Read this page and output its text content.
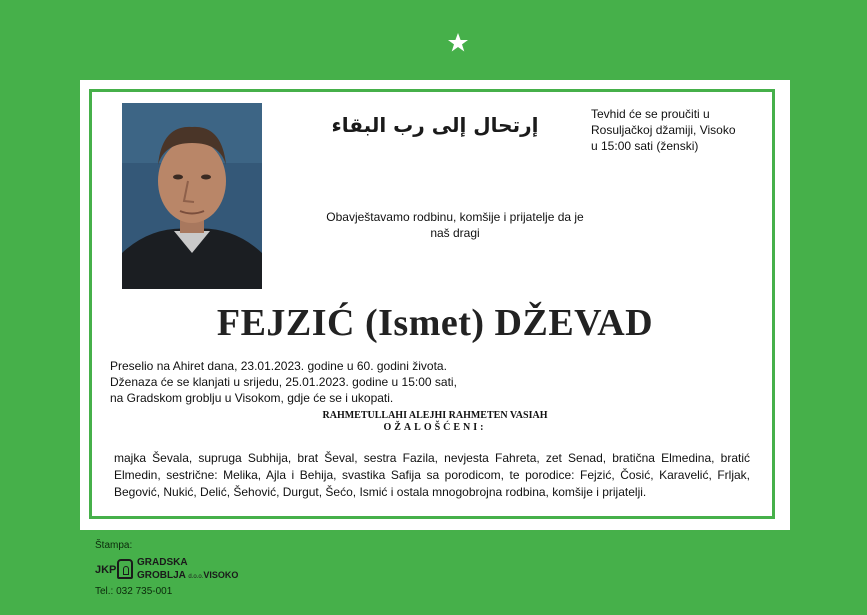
إرتحال إلى رب البقاء	Tevhid će se proučiti u
Rosuljačkoj džamiji, Visoko
u 15:00 sati (ženski)
Obavještavamo rodbinu, komšije i prijatelje da je
naš dragi
FEJZIĆ (Ismet) DŽEVAD
Preselio na Ahiret dana, 23.01.2023. godine u 60. godini života.
Dženaza će se klanjati u srijedu, 25.01.2023. godine u 15:00 sati,
na Gradskom groblju u Visokom, gdje će se i ukopati.
RAHMETULLAHI ALEJHI RAHMETEN VASIAH
OŽALOŠĆENI:
majka Ševala, supruga Subhija, brat Ševal, sestra Fazila, nevjesta Fahreta, zet Senad, bratična Elmedina, bratić Elmedin, sestrične: Melika, Ajla i Behija, svastika Safija sa porodicom, te porodice: Fejzić, Čosić, Karavelić, Frljak, Begović, Nukić, Delić, Šehović, Durgut, Šećo, Ismić i ostala mnogobrojna rodbina, komšije i prijatelji.
Štampa:
JKP
GRADSKA
GROBLJA d.o.o.VISOKO
Tel.: 032 735-001
